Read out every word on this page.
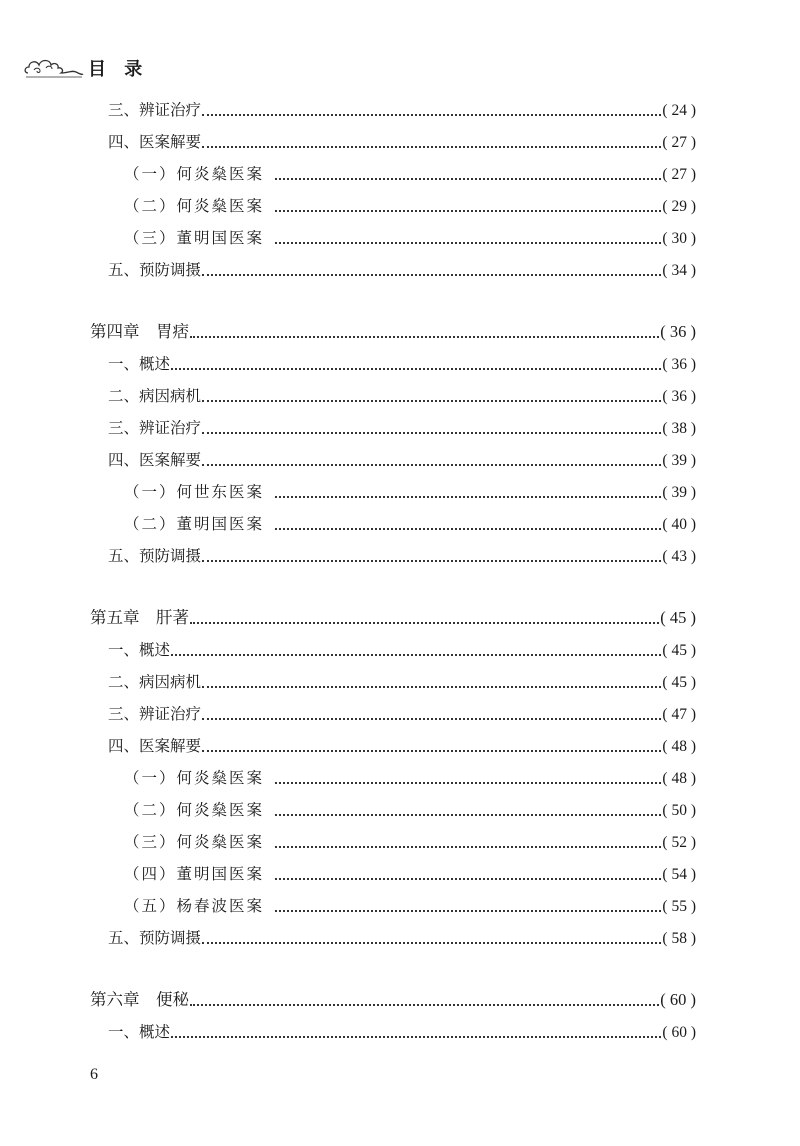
目 录
三、辨证治疗	( 24 )
四、医案解要	( 27 )
（一）何炎燊医案	( 27 )
（二）何炎燊医案	( 29 )
（三）董明国医案	( 30 )
五、预防调摄	( 34 )
第四章　胃痞	( 36 )
一、概述	( 36 )
二、病因病机	( 36 )
三、辨证治疗	( 38 )
四、医案解要	( 39 )
（一）何世东医案	( 39 )
（二）董明国医案	( 40 )
五、预防调摄	( 43 )
第五章　肝著	( 45 )
一、概述	( 45 )
二、病因病机	( 45 )
三、辨证治疗	( 47 )
四、医案解要	( 48 )
（一）何炎燊医案	( 48 )
（二）何炎燊医案	( 50 )
（三）何炎燊医案	( 52 )
（四）董明国医案	( 54 )
（五）杨春波医案	( 55 )
五、预防调摄	( 58 )
第六章　便秘	( 60 )
一、概述	( 60 )
6
